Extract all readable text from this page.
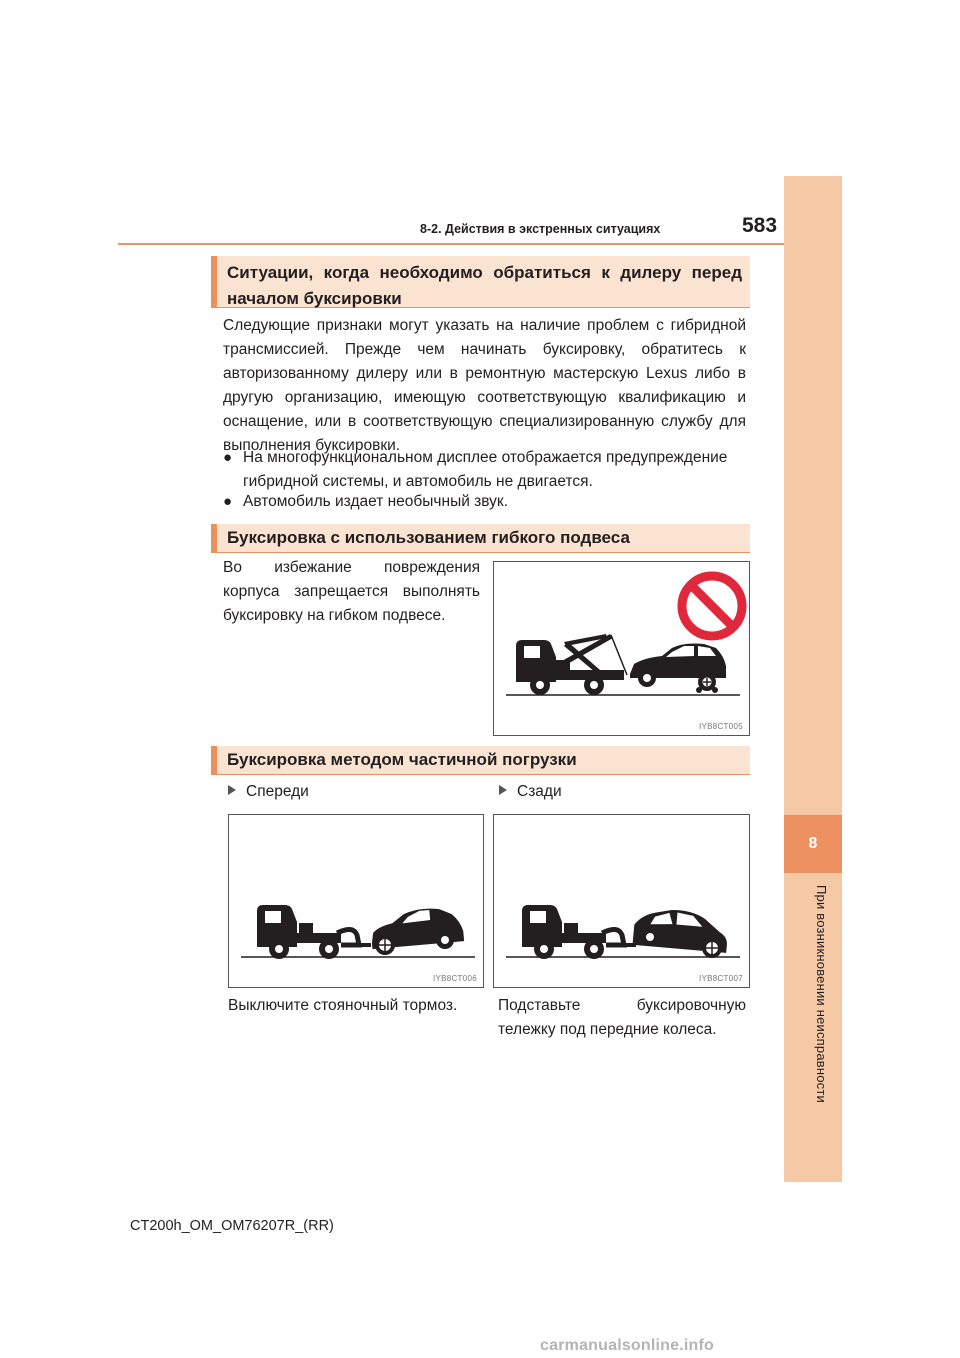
8-2. Действия в экстренных ситуациях	583
8
При возникновении неисправности
Ситуации, когда необходимо обратиться к дилеру перед началом буксировки
Следующие признаки могут указать на наличие проблем с гибридной трансмиссией. Прежде чем начинать буксировку, обратитесь к авторизованному дилеру или в ремонтную мастерскую Lexus либо в другую организацию, имеющую соответствующую квалификацию и оснащение, или в соответствующую специализированную службу для выполнения буксировки.
● На многофункциональном дисплее отображается предупреждение гибридной системы, и автомобиль не двигается.
● Автомобиль издает необычный звук.
Буксировка с использованием гибкого подвеса
Во избежание повреждения корпуса запрещается выполнять буксировку на гибком подвесе.
IYB8CT005
Буксировка методом частичной погрузки
Спереди	Сзади
IYB8CT006	IYB8CT007
Выключите стояночный тормоз.	Подставьте буксировочную тележку под передние колеса.
CT200h_OM_OM76207R_(RR)
carmanualsonline.info
